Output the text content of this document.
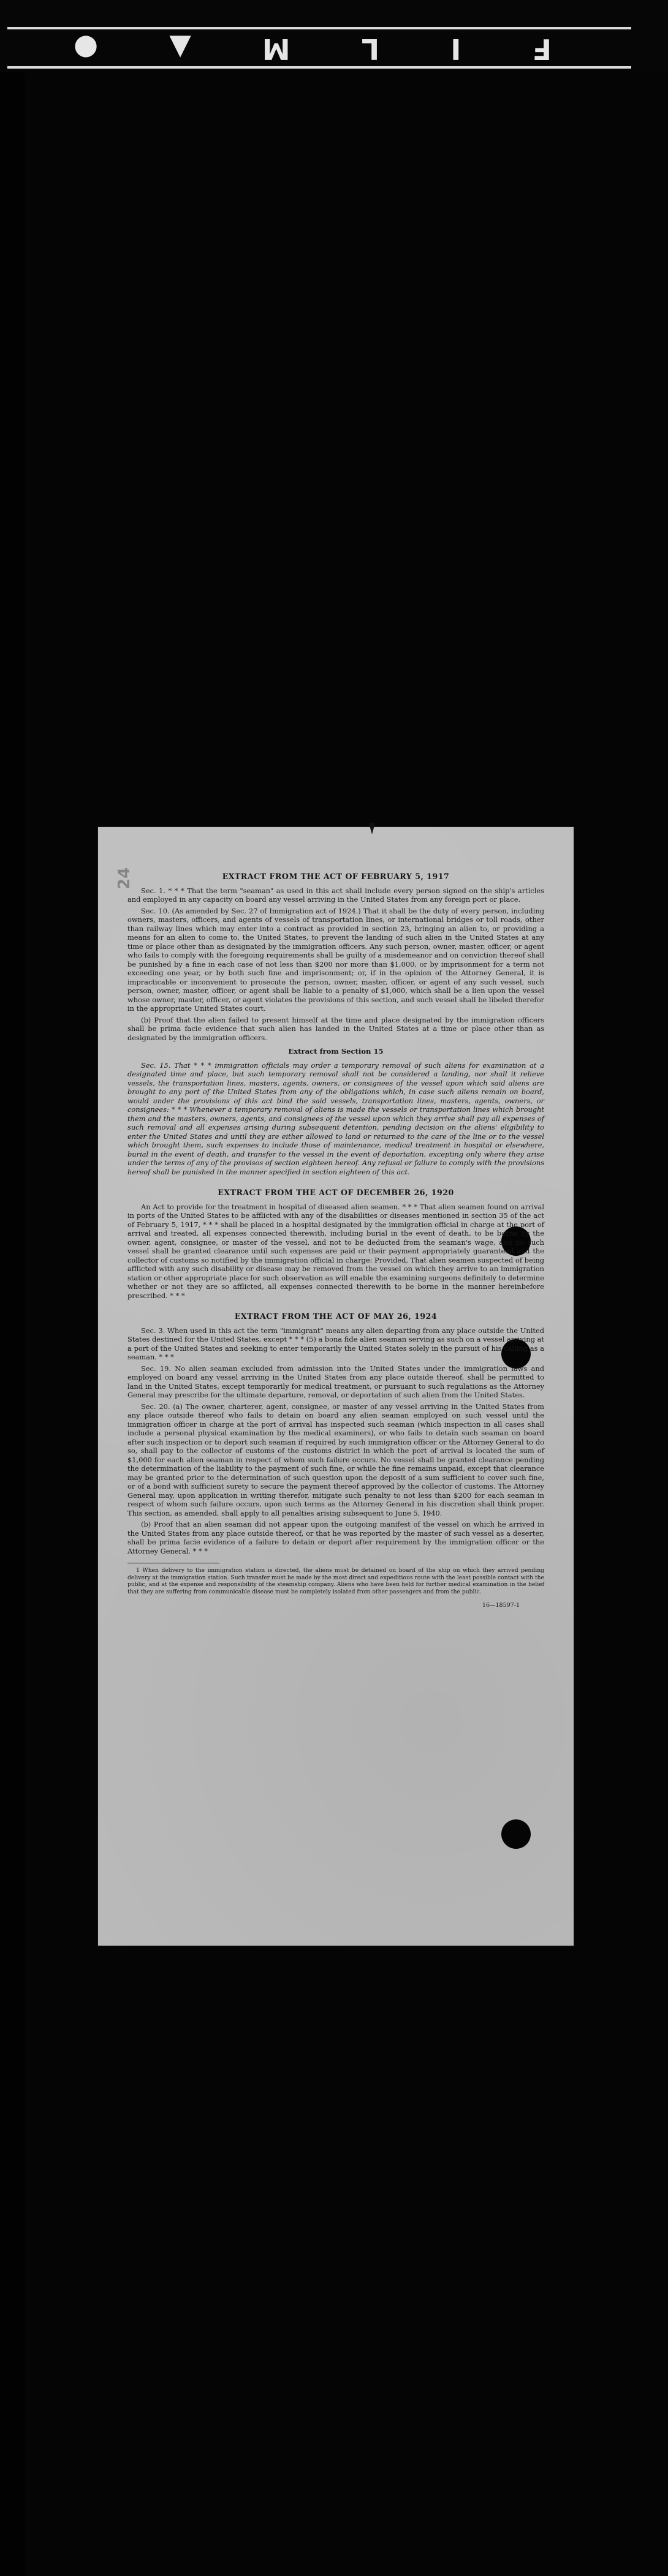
F
I
L
M
▲
●
24	EXTRACT FROM THE ACT OF FEBRUARY 5, 1917

Sec. 1. * * * That the term "seaman" as used in this act shall include every person signed on the ship's articles and employed in any capacity on board any vessel arriving in the United States from any foreign port or place.

Sec. 10. (As amended by Sec. 27 of Immigration act of 1924.) That it shall be the duty of every person, including owners, masters, officers, and agents of vessels of transportation lines, or international bridges or toll roads, other than railway lines which may enter into a contract as provided in section 23, bringing an alien to, or providing a means for an alien to come to, the United States, to prevent the landing of such alien in the United States at any time or place other than as designated by the immigration officers. Any such person, owner, master, officer, or agent who fails to comply with the foregoing requirements shall be guilty of a misdemeanor and on conviction thereof shall be punished by a fine in each case of not less than $200 nor more than $1,000, or by imprisonment for a term not exceeding one year, or by both such fine and imprisonment; or, if in the opinion of the Attorney General, it is impracticable or inconvenient to prosecute the person, owner, master, officer, or agent of any such vessel, such person, owner, master, officer, or agent shall be liable to a penalty of $1,000, which shall be a lien upon the vessel whose owner, master, officer, or agent violates the provisions of this section, and such vessel shall be libeled therefor in the appropriate United States court.

(b) Proof that the alien failed to present himself at the time and place designated by the immigration officers shall be prima facie evidence that such alien has landed in the United States at a time or place other than as designated by the immigration officers.

Extract from Section 15

Sec. 15. That * * * immigration officials may order a temporary removal of such aliens for examination at a designated time and place, but such temporary removal shall not be considered a landing, nor shall it relieve vessels, the transportation lines, masters, agents, owners, or consignees of the vessel upon which said aliens are brought to any port of the United States from any of the obligations which, in case such aliens remain on board, would under the provisions of this act bind the said vessels, transportation lines, masters, agents, owners, or consignees: * * * Whenever a temporary removal of aliens is made the vessels or transportation lines which brought them and the masters, owners, agents, and consignees of the vessel upon which they arrive shall pay all expenses of such removal and all expenses arising during subsequent detention, pending decision on the aliens' eligibility to enter the United States and until they are either allowed to land or returned to the care of the line or to the vessel which brought them, such expenses to include those of maintenance, medical treatment in hospital or elsewhere, burial in the event of death, and transfer to the vessel in the event of deportation, excepting only where they arise under the terms of any of the provisos of section eighteen hereof. Any refusal or failure to comply with the provisions hereof shall be punished in the manner specified in section eighteen of this act.

EXTRACT FROM THE ACT OF DECEMBER 26, 1920

An Act to provide for the treatment in hospital of diseased alien seamen. * * * That alien seamen found on arrival in ports of the United States to be afflicted with any of the disabilities or diseases mentioned in section 35 of the act of February 5, 1917, * * * shall be placed in a hospital designated by the immigration official in charge at the port of arrival and treated, all expenses connected therewith, including burial in the event of death, to be borne by the owner, agent, consignee, or master of the vessel, and not to be deducted from the seaman's wage, and no such vessel shall be granted clearance until such expenses are paid or their payment appropriately guaranteed and the collector of customs so notified by the immigration official in charge: Provided, That alien seamen suspected of being afflicted with any such disability or disease may be removed from the vessel on which they arrive to an immigration station or other appropriate place for such observation as will enable the examining surgeons definitely to determine whether or not they are so afflicted, all expenses connected therewith to be borne in the manner hereinbefore prescribed. * * *

EXTRACT FROM THE ACT OF MAY 26, 1924

Sec. 3. When used in this act the term "immigrant" means any alien departing from any place outside the United States destined for the United States, except * * * (5) a bona fide alien seaman serving as such on a vessel arriving at a port of the United States and seeking to enter temporarily the United States solely in the pursuit of his calling as a seaman. * * *

Sec. 19. No alien seaman excluded from admission into the United States under the immigration laws and employed on board any vessel arriving in the United States from any place outside thereof, shall be permitted to land in the United States, except temporarily for medical treatment, or pursuant to such regulations as the Attorney General may prescribe for the ultimate departure, removal, or deportation of such alien from the United States.

Sec. 20. (a) The owner, charterer, agent, consignee, or master of any vessel arriving in the United States from any place outside thereof who fails to detain on board any alien seaman employed on such vessel until the immigration officer in charge at the port of arrival has inspected such seaman (which inspection in all cases shall include a personal physical examination by the medical examiners), or who fails to detain such seaman on board after such inspection or to deport such seaman if required by such immigration officer or the Attorney General to do so, shall pay to the collector of customs of the customs district in which the port of arrival is located the sum of $1,000 for each alien seaman in respect of whom such failure occurs. No vessel shall be granted clearance pending the determination of the liability to the payment of such fine, or while the fine remains unpaid, except that clearance may be granted prior to the determination of such question upon the deposit of a sum sufficient to cover such fine, or of a bond with sufficient surety to secure the payment thereof approved by the collector of customs. The Attorney General may, upon application in writing therefor, mitigate such penalty to not less than $200 for each seaman in respect of whom such failure occurs, upon such terms as the Attorney General in his discretion shall think proper. This section, as amended, shall apply to all penalties arising subsequent to June 5, 1940.

(b) Proof that an alien seaman did not appear upon the outgoing manifest of the vessel on which he arrived in the United States from any place outside thereof, or that he was reported by the master of such vessel as a deserter, shall be prima facie evidence of a failure to detain or deport after requirement by the immigration officer or the Attorney General. * * *

1 When delivery to the immigration station is directed, the aliens must be detained on board of the ship on which they arrived pending delivery at the immigration station. Such transfer must be made by the most direct and expeditious route with the least possible contact with the public, and at the expense and responsibility of the steamship company. Aliens who have been held for further medical examination in the belief that they are suffering from communicable disease must be completely isolated from other passengers and from the public.

16—18597-1
